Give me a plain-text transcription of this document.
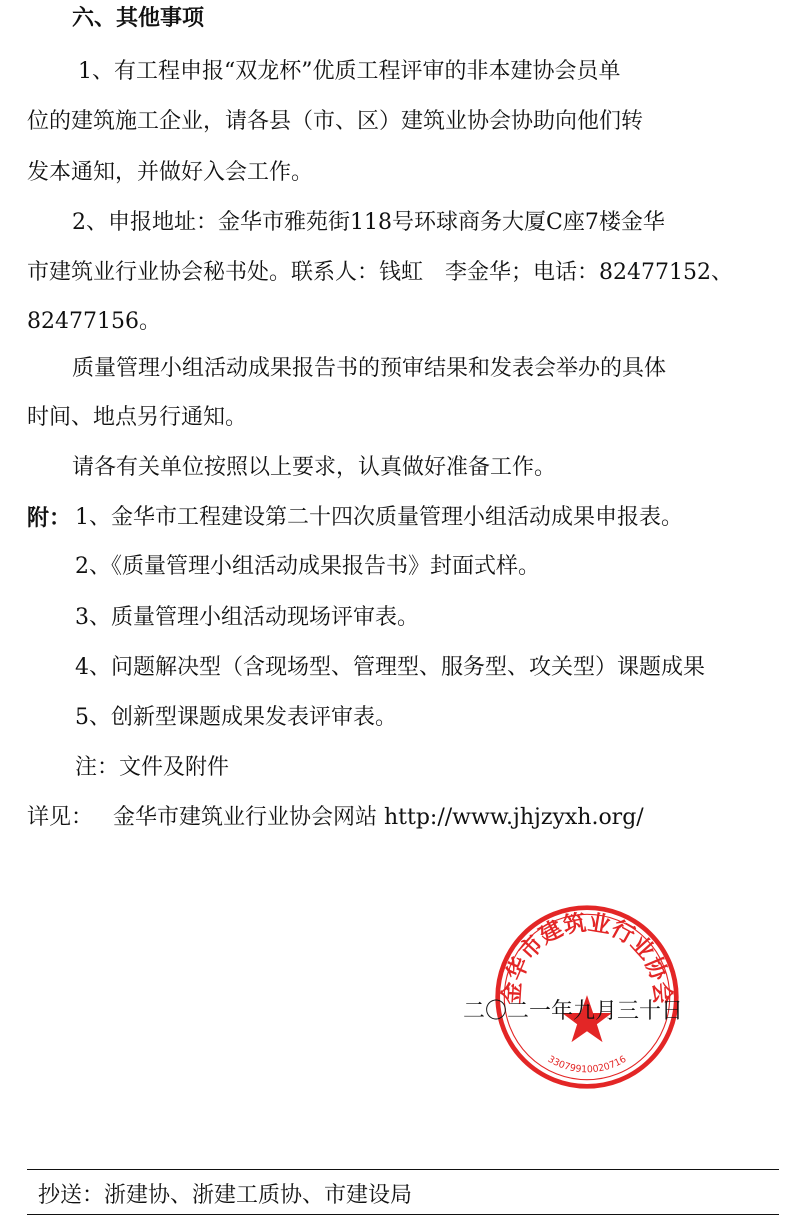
六、其他事项
1、有工程申报“双龙杯”优质工程评审的非本建协会员单
位的建筑施工企业，请各县（市、区）建筑业协会协助向他们转
发本通知，并做好入会工作。
2、申报地址：金华市雅苑街118号环球商务大厦C座7楼金华
市建筑业行业协会秘书处。联系人：钱虹　李金华；电话：82477152、
82477156。
质量管理小组活动成果报告书的预审结果和发表会举办的具体
时间、地点另行通知。
请各有关单位按照以上要求，认真做好准备工作。
附： 1、金华市工程建设第二十四次质量管理小组活动成果申报表。
2、《质量管理小组活动成果报告书》封面式样。
3、质量管理小组活动现场评审表。
4、问题解决型（含现场型、管理型、服务型、攻关型）课题成果
5、创新型课题成果发表评审表。
注：文件及附件
详见： 金华市建筑业行业协会网站 http://www.jhjzyxh.org/
金华市建筑业行业协会
3307991002071​6
二〇二一年九月三十日
抄送：浙建协、浙建工质协、市建设局
